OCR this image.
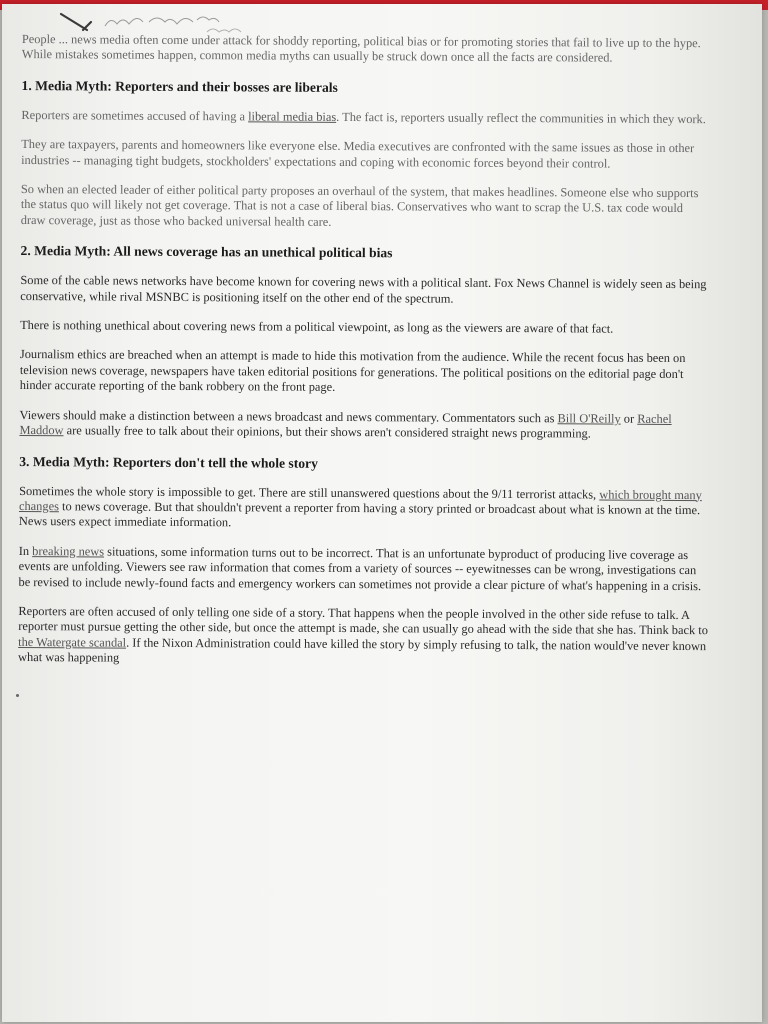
People ... news media often come under attack for shoddy reporting, political bias or for promoting stories that fail to live up to the hype. While mistakes sometimes happen, common media myths can usually be struck down once all the facts are considered.

1. Media Myth: Reporters and their bosses are liberals

Reporters are sometimes accused of having a liberal media bias. The fact is, reporters usually reflect the communities in which they work.

They are taxpayers, parents and homeowners like everyone else. Media executives are confronted with the same issues as those in other industries -- managing tight budgets, stockholders' expectations and coping with economic forces beyond their control.

So when an elected leader of either political party proposes an overhaul of the system, that makes headlines. Someone else who supports the status quo will likely not get coverage. That is not a case of liberal bias. Conservatives who want to scrap the U.S. tax code would draw coverage, just as those who backed universal health care.

2. Media Myth: All news coverage has an unethical political bias

Some of the cable news networks have become known for covering news with a political slant. Fox News Channel is widely seen as being conservative, while rival MSNBC is positioning itself on the other end of the spectrum.

There is nothing unethical about covering news from a political viewpoint, as long as the viewers are aware of that fact.

Journalism ethics are breached when an attempt is made to hide this motivation from the audience. While the recent focus has been on television news coverage, newspapers have taken editorial positions for generations. The political positions on the editorial page don't hinder accurate reporting of the bank robbery on the front page.

Viewers should make a distinction between a news broadcast and news commentary. Commentators such as Bill O'Reilly or Rachel Maddow are usually free to talk about their opinions, but their shows aren't considered straight news programming.

3. Media Myth: Reporters don't tell the whole story

Sometimes the whole story is impossible to get. There are still unanswered questions about the 9/11 terrorist attacks, which brought many changes to news coverage. But that shouldn't prevent a reporter from having a story printed or broadcast about what is known at the time. News users expect immediate information.

In breaking news situations, some information turns out to be incorrect. That is an unfortunate byproduct of producing live coverage as events are unfolding. Viewers see raw information that comes from a variety of sources -- eyewitnesses can be wrong, investigations can be revised to include newly-found facts and emergency workers can sometimes not provide a clear picture of what's happening in a crisis.

Reporters are often accused of only telling one side of a story. That happens when the people involved in the other side refuse to talk. A reporter must pursue getting the other side, but once the attempt is made, she can usually go ahead with the side that she has. Think back to the Watergate scandal. If the Nixon Administration could have killed the story by simply refusing to talk, the nation would've never known what was happening
